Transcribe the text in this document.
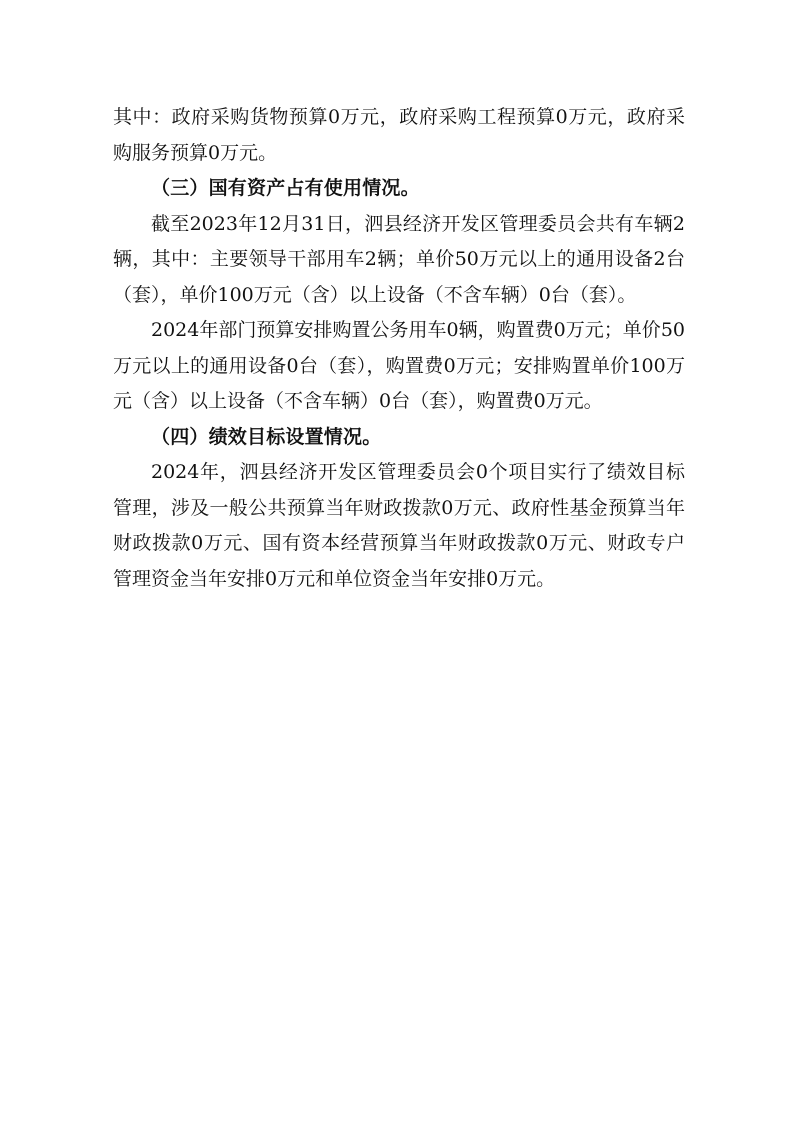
其中：政府采购货物预算0万元，政府采购工程预算0万元，政府采购服务预算0万元。

（三）国有资产占有使用情况。

截至2023年12月31日，泗县经济开发区管理委员会共有车辆2辆，其中：主要领导干部用车2辆；单价50万元以上的通用设备2台（套），单价100万元（含）以上设备（不含车辆）0台（套）。

2024年部门预算安排购置公务用车0辆，购置费0万元；单价50万元以上的通用设备0台（套），购置费0万元；安排购置单价100万元（含）以上设备（不含车辆）0台（套），购置费0万元。

（四）绩效目标设置情况。

2024年，泗县经济开发区管理委员会0个项目实行了绩效目标管理，涉及一般公共预算当年财政拨款0万元、政府性基金预算当年财政拨款0万元、国有资本经营预算当年财政拨款0万元、财政专户管理资金当年安排0万元和单位资金当年安排0万元。
